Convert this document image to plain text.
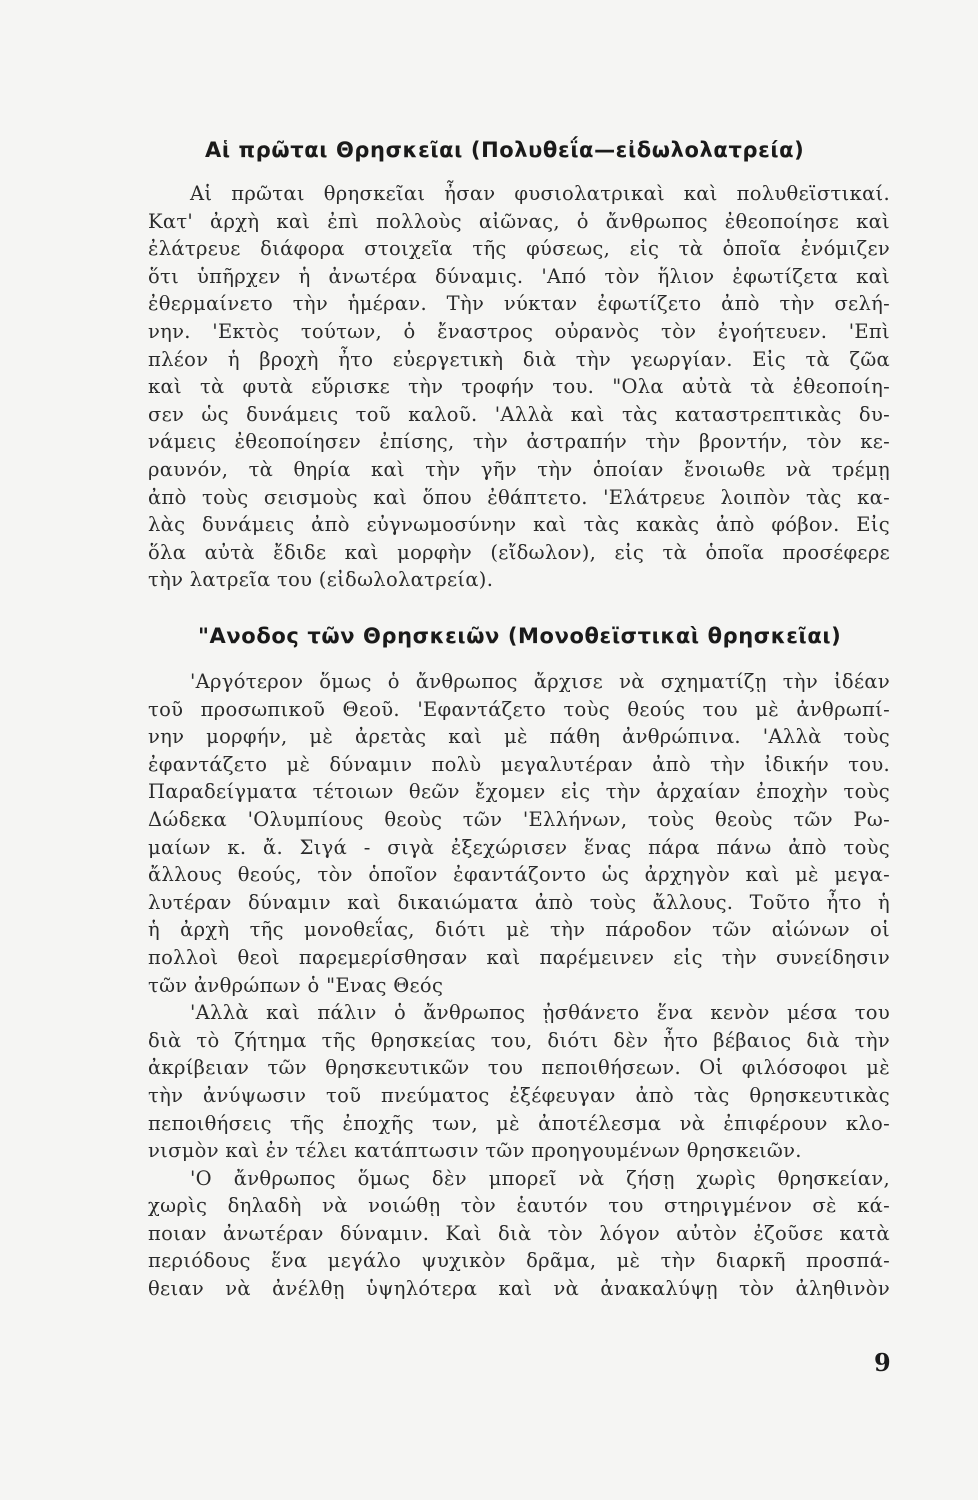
Αἱ πρῶται Θρησκεῖαι (Πολυθεΐα—εἰδωλολατρεία)
Αἱ πρῶται θρησκεῖαι ἦσαν φυσιολατρικαὶ καὶ πολυθεϊστικαί.
Κατ' ἀρχὴ καὶ ἐπὶ πολλοὺς αἰῶνας, ὁ ἄνθρωπος ἐθεοποίησε καὶ
ἐλάτρευε διάφορα στοιχεῖα τῆς φύσεως, εἰς τὰ ὁποῖα ἐνόμιζεν
ὅτι ὑπῆρχεν ἡ ἀνωτέρα δύναμις. 'Από τὸν ἥλιον ἐφωτίζετα καὶ
ἐθερμαίνετο τὴν ἡμέραν. Τὴν νύκταν ἐφωτίζετο ἀπὸ τὴν σελή-
νην. 'Εκτὸς τούτων, ὁ ἔναστρος οὐρανὸς τὸν ἐγοήτευεν. 'Επὶ
πλέον ἡ βροχὴ ἦτο εὐεργετικὴ διὰ τὴν γεωργίαν. Εἰς τὰ ζῶα
καὶ τὰ φυτὰ εὕρισκε τὴν τροφήν του. "Ολα αὐτὰ τὰ ἐθεοποίη-
σεν ὡς δυνάμεις τοῦ καλοῦ. 'Αλλὰ καὶ τὰς καταστρεπτικὰς δυ-
νάμεις ἐθεοποίησεν ἐπίσης, τὴν ἀστραπήν τὴν βροντήν, τὸν κε-
ραυνόν, τὰ θηρία καὶ τὴν γῆν τὴν ὁποίαν ἔνοιωθε νὰ τρέμῃ
ἀπὸ τοὺς σεισμοὺς καὶ ὅπου ἐθάπτετο. 'Ελάτρευε λοιπὸν τὰς κα-
λὰς δυνάμεις ἀπὸ εὐγνωμοσύνην καὶ τὰς κακὰς ἀπὸ φόβον. Εἰς
ὅλα αὐτὰ ἔδιδε καὶ μορφὴν (εἴδωλον), εἰς τὰ ὁποῖα προσέφερε
τὴν λατρεῖα του (εἰδωλολατρεία).
"Ανοδος τῶν Θρησκειῶν (Μονοθεϊστικαὶ θρησκεῖαι)
'Αργότερον ὅμως ὁ ἄνθρωπος ἄρχισε νὰ σχηματίζῃ τὴν ἰδέαν
τοῦ προσωπικοῦ Θεοῦ. 'Εφαντάζετο τοὺς θεούς του μὲ ἀνθρωπί-
νην μορφήν, μὲ ἀρετὰς καὶ μὲ πάθη ἀνθρώπινα. 'Αλλὰ τοὺς
ἐφαντάζετο μὲ δύναμιν πολὺ μεγαλυτέραν ἀπὸ τὴν ἰδικήν του.
Παραδείγματα τέτοιων θεῶν ἔχομεν εἰς τὴν ἀρχαίαν ἐποχὴν τοὺς
Δώδεκα 'Ολυμπίους θεοὺς τῶν 'Ελλήνων, τοὺς θεοὺς τῶν Ρω-
μαίων κ. ἄ. Σιγά - σιγὰ ἐξεχώρισεν ἕνας πάρα πάνω ἀπὸ τοὺς
ἄλλους θεούς, τὸν ὁποῖον ἐφαντάζοντο ὡς ἀρχηγὸν καὶ μὲ μεγα-
λυτέραν δύναμιν καὶ δικαιώματα ἀπὸ τοὺς ἄλλους. Τοῦτο ἦτο ἡ
ἡ ἀρχὴ τῆς μονοθεΐας, διότι μὲ τὴν πάροδον τῶν αἰώνων οἱ
πολλοὶ θεοὶ παρεμερίσθησαν καὶ παρέμεινεν εἰς τὴν συνείδησιν
τῶν ἀνθρώπων ὁ "Ενας Θεός
'Αλλὰ καὶ πάλιν ὁ ἄνθρωπος ᾐσθάνετο ἕνα κενὸν μέσα του
διὰ τὸ ζήτημα τῆς θρησκείας του, διότι δὲν ἦτο βέβαιος διὰ τὴν
ἀκρίβειαν τῶν θρησκευτικῶν του πεποιθήσεων. Οἱ φιλόσοφοι μὲ
τὴν ἀνύψωσιν τοῦ πνεύματος ἐξέφευγαν ἀπὸ τὰς θρησκευτικὰς
πεποιθήσεις τῆς ἐποχῆς των, μὲ ἀποτέλεσμα νὰ ἐπιφέρουν κλο-
νισμὸν καὶ ἐν τέλει κατάπτωσιν τῶν προηγουμένων θρησκειῶν.
'Ο ἄνθρωπος ὅμως δὲν μπορεῖ νὰ ζήσῃ χωρὶς θρησκείαν,
χωρὶς δηλαδὴ νὰ νοιώθῃ τὸν ἑαυτόν του στηριγμένον σὲ κά-
ποιαν ἀνωτέραν δύναμιν. Καὶ διὰ τὸν λόγον αὐτὸν ἐζοῦσε κατὰ
περιόδους ἕνα μεγάλο ψυχικὸν δρᾶμα, μὲ τὴν διαρκῆ προσπά-
θειαν νὰ ἀνέλθῃ ὑψηλότερα καὶ νὰ ἀνακαλύψῃ τὸν ἀληθινὸν
9
